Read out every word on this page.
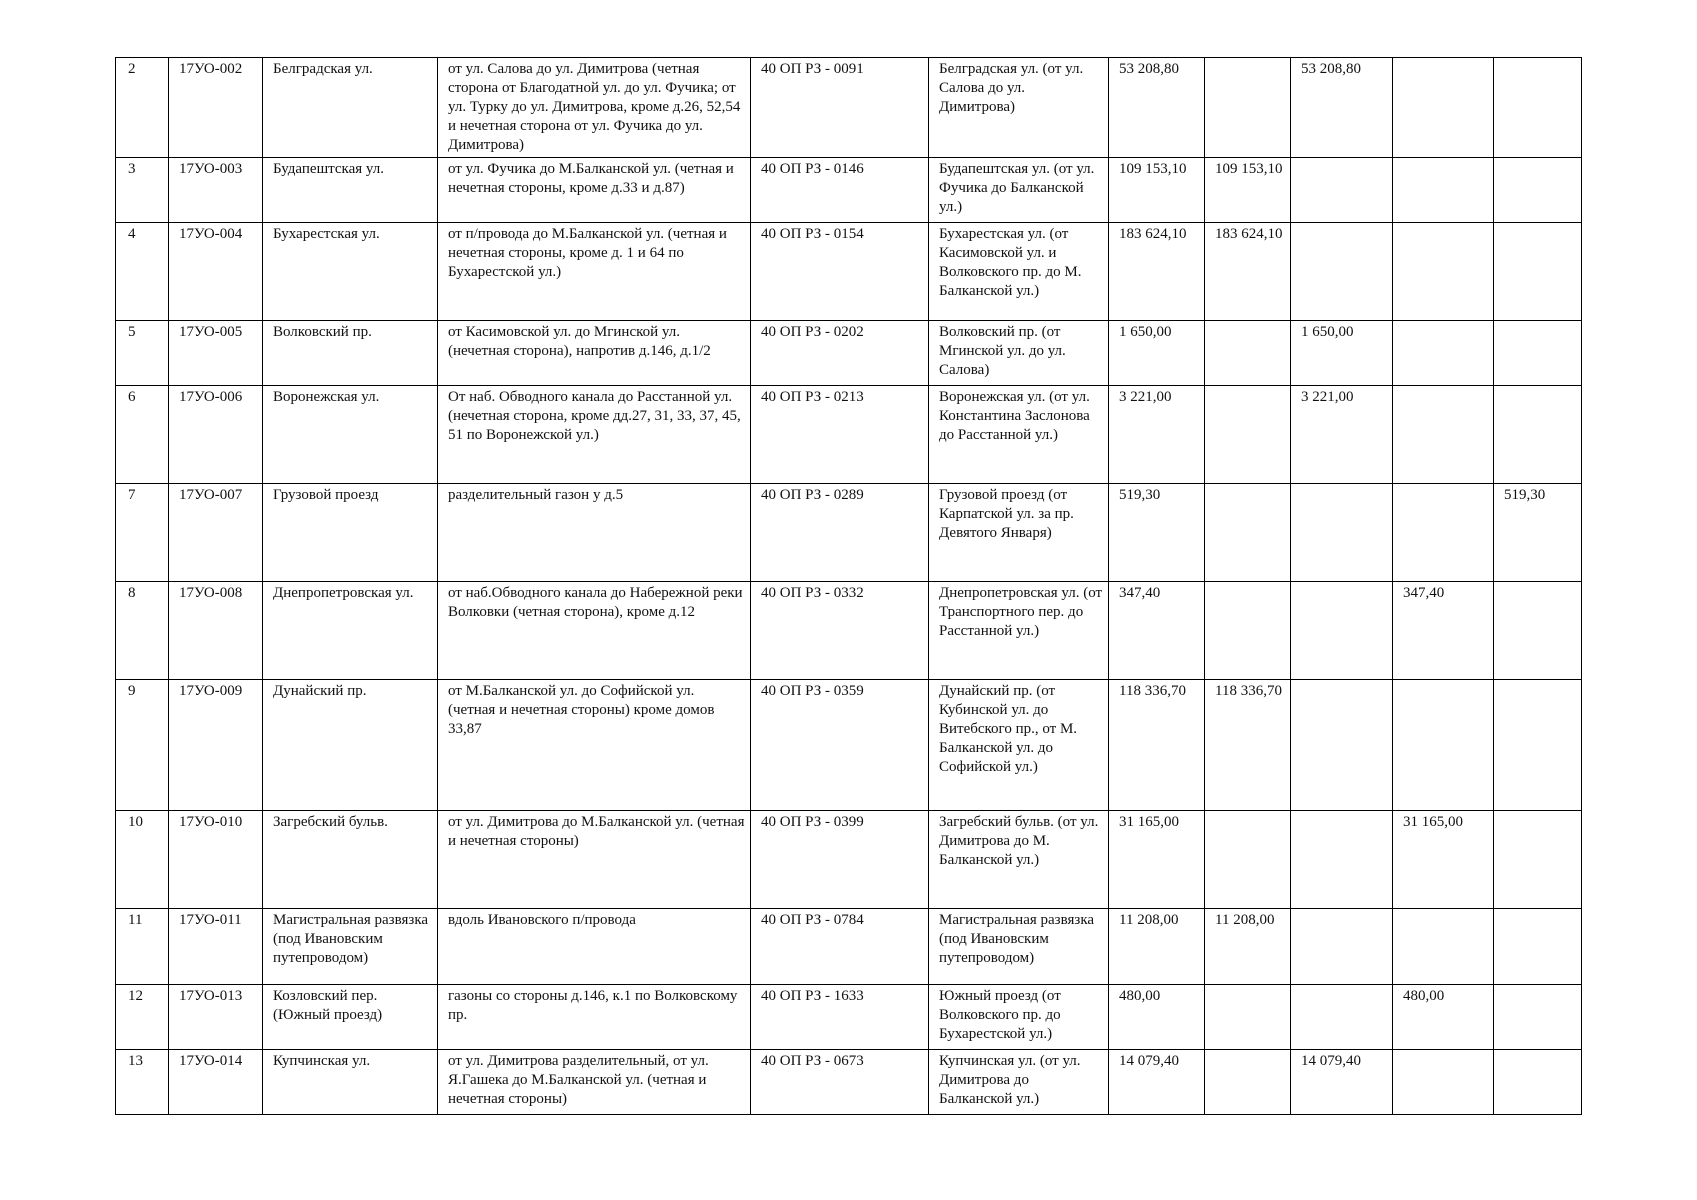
2	17УО-002	Белградская ул.	от ул. Салова до ул. Димитрова (четная сторона от Благодатной ул. до ул. Фучика; от ул. Турку до ул. Димитрова, кроме д.26, 52,54 и нечетная сторона от ул. Фучика до ул. Димитрова)	40 ОП РЗ - 0091	Белградская ул. (от ул. Салова до ул. Димитрова)	53 208,80		53 208,80		
3	17УО-003	Будапештская ул.	от ул. Фучика до М.Балканской ул. (четная и нечетная стороны, кроме д.33 и д.87)	40 ОП РЗ - 0146	Будапештская ул. (от ул. Фучика до Балканской ул.)	109 153,10	109 153,10			
4	17УО-004	Бухарестская ул.	от п/провода до М.Балканской ул. (четная и нечетная стороны, кроме д. 1 и 64 по Бухарестской ул.)	40 ОП РЗ - 0154	Бухарестская ул. (от Касимовской ул. и Волковского пр. до М. Балканской ул.)	183 624,10	183 624,10			
5	17УО-005	Волковский пр.	от Касимовской ул. до Мгинской ул. (нечетная сторона), напротив д.146, д.1/2	40 ОП РЗ - 0202	Волковский пр. (от Мгинской ул. до ул. Салова)	1 650,00		1 650,00		
6	17УО-006	Воронежская ул.	От наб. Обводного канала до Расстанной ул. (нечетная сторона, кроме дд.27, 31, 33, 37, 45, 51 по Воронежской ул.)	40 ОП РЗ - 0213	Воронежская ул. (от ул. Константина Заслонова до Расстанной ул.)	3 221,00		3 221,00		
7	17УО-007	Грузовой проезд	разделительный газон у д.5	40 ОП РЗ - 0289	Грузовой проезд (от Карпатской ул. за пр. Девятого Января)	519,30				519,30
8	17УО-008	Днепропетровская ул.	от наб.Обводного канала до Набережной реки Волковки (четная сторона), кроме д.12	40 ОП РЗ - 0332	Днепропетровская ул. (от Транспортного пер. до Расстанной ул.)	347,40			347,40	
9	17УО-009	Дунайский пр.	от М.Балканской ул. до Софийской ул. (четная и нечетная стороны) кроме домов 33,87	40 ОП РЗ - 0359	Дунайский пр. (от Кубинской ул. до Витебского пр., от М. Балканской ул. до Софийской ул.)	118 336,70	118 336,70			
10	17УО-010	Загребский бульв.	от ул. Димитрова до М.Балканской ул. (четная и нечетная стороны)	40 ОП РЗ - 0399	Загребский бульв. (от ул. Димитрова до М. Балканской ул.)	31 165,00			31 165,00	
11	17УО-011	Магистральная развязка (под Ивановским путепроводом)	вдоль Ивановского п/провода	40 ОП РЗ - 0784	Магистральная развязка (под Ивановским путепроводом)	11 208,00	11 208,00			
12	17УО-013	Козловский пер. (Южный проезд)	газоны со стороны д.146, к.1 по Волковскому пр.	40 ОП РЗ - 1633	Южный проезд (от Волковского пр. до Бухарестской ул.)	480,00			480,00	
13	17УО-014	Купчинская ул.	от ул. Димитрова разделительный, от ул. Я.Гашека до М.Балканской ул. (четная и нечетная стороны)	40 ОП РЗ - 0673	Купчинская ул. (от ул. Димитрова до Балканской ул.)	14 079,40		14 079,40		
